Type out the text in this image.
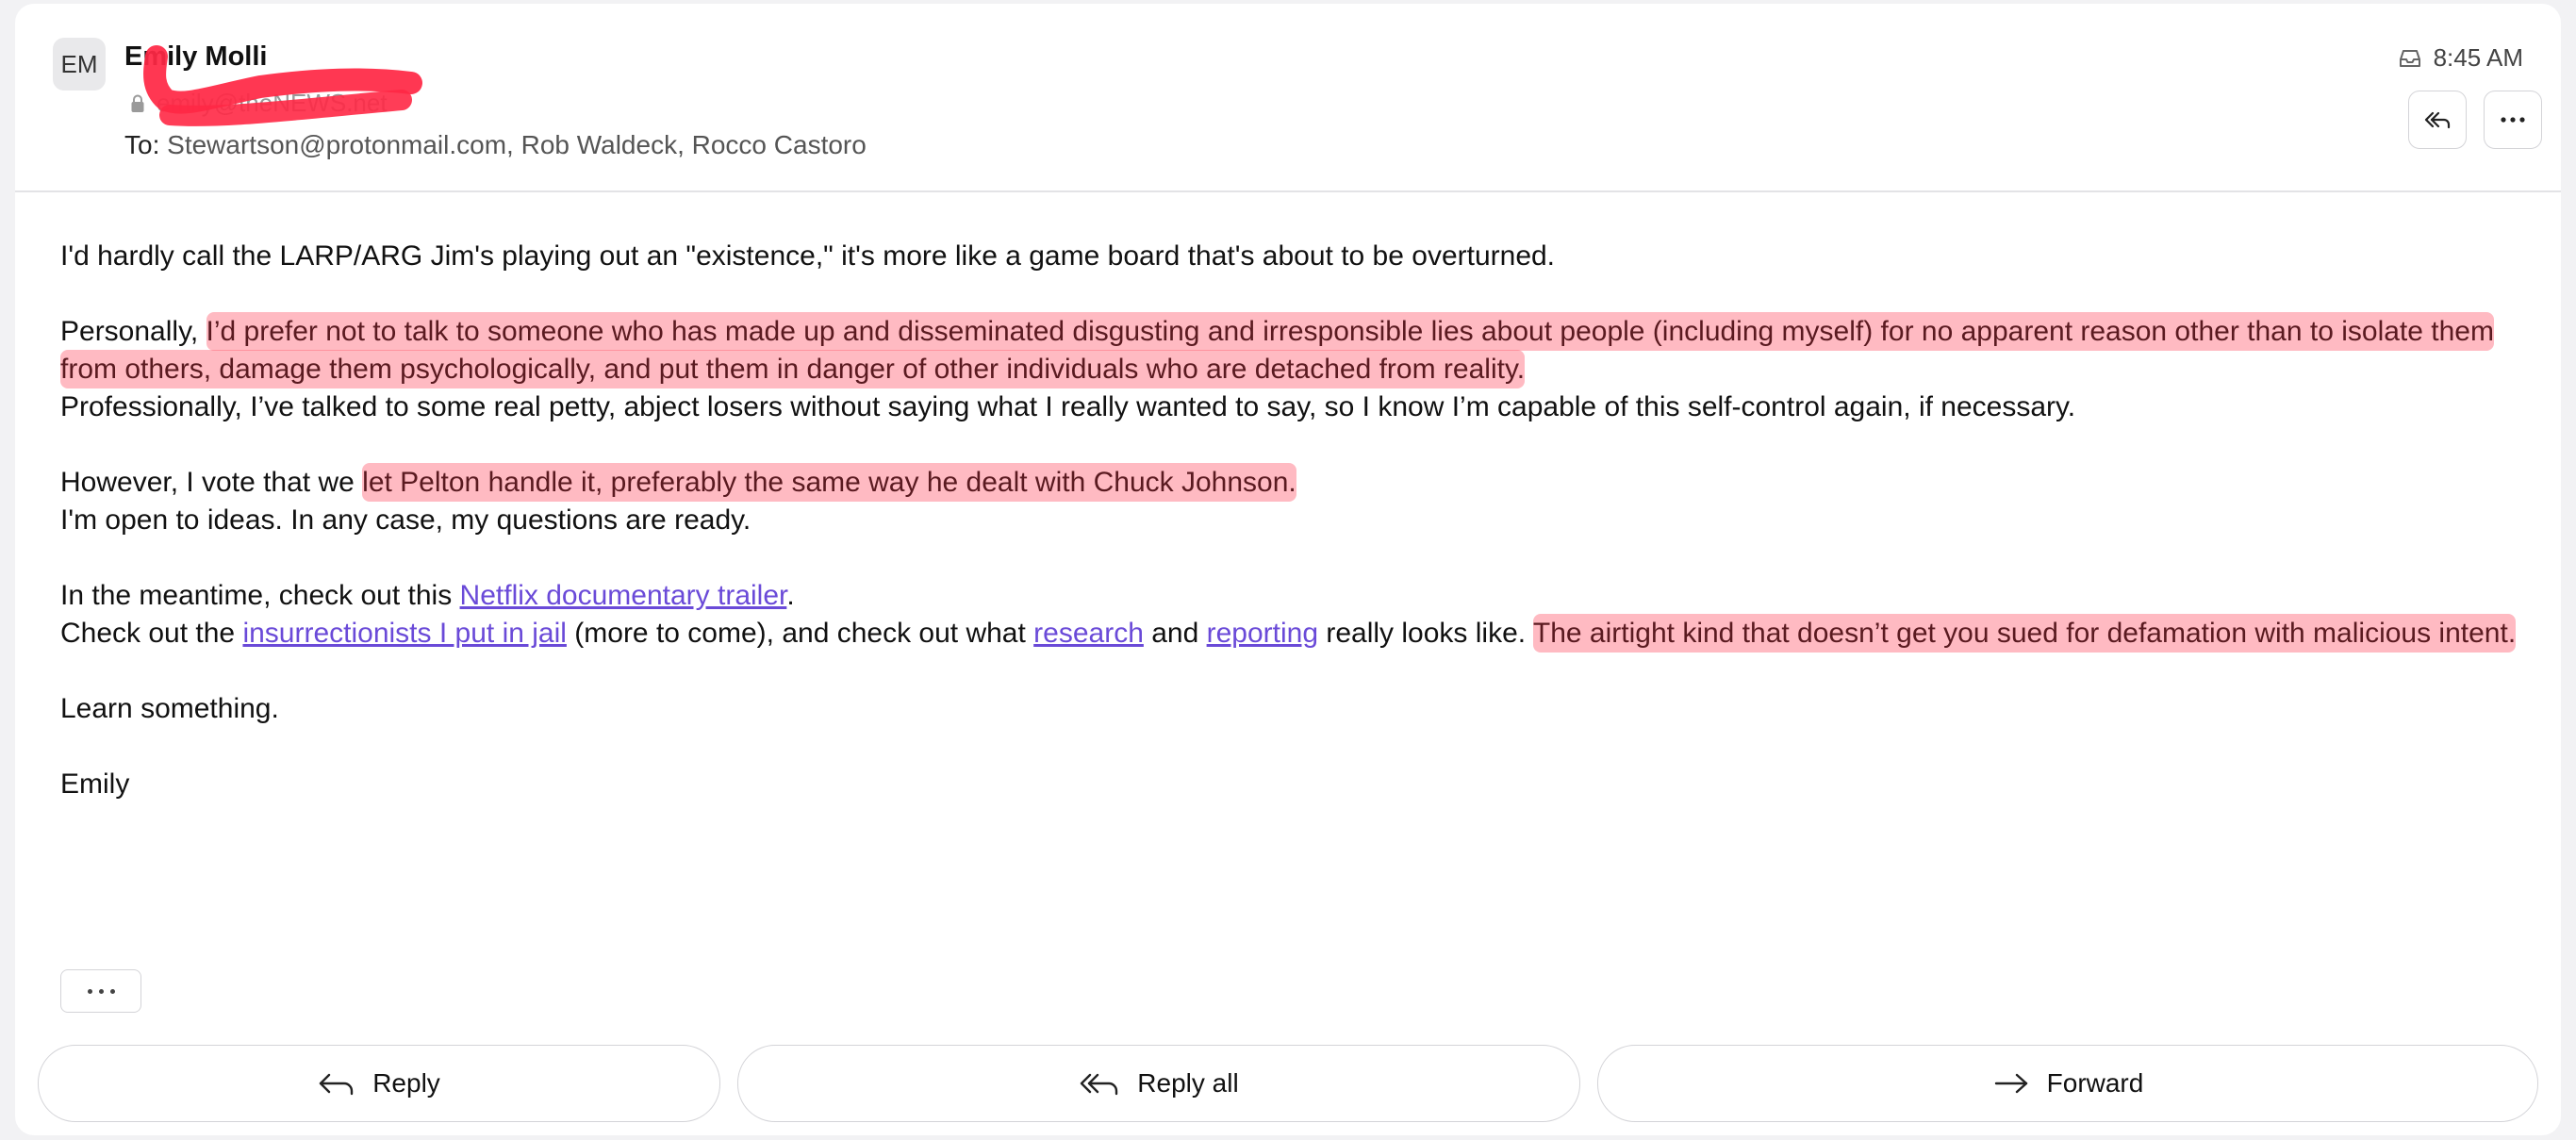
EM Emily Molli
emily@theNEWS.net
To: Stewartson@protonmail.com, Rob Waldeck, Rocco Castoro
8:45 AM

I'd hardly call the LARP/ARG Jim's playing out an "existence," it's more like a game board that's about to be overturned.

Personally, I’d prefer not to talk to someone who has made up and disseminated disgusting and irresponsible lies about people (including myself) for no apparent reason other than to isolate them from others, damage them psychologically, and put them in danger of other individuals who are detached from reality.

Professionally, I’ve talked to some real petty, abject losers without saying what I really wanted to say, so I know I’m capable of this self-control again, if necessary.

However, I vote that we let Pelton handle it, preferably the same way he dealt with Chuck Johnson.

I'm open to ideas. In any case, my questions are ready.

In the meantime, check out this Netflix documentary trailer.

Check out the insurrectionists I put in jail (more to come), and check out what research and reporting really looks like. The airtight kind that doesn’t get you sued for defamation with malicious intent.

Learn something.

Emily

Reply	Reply all	Forward
